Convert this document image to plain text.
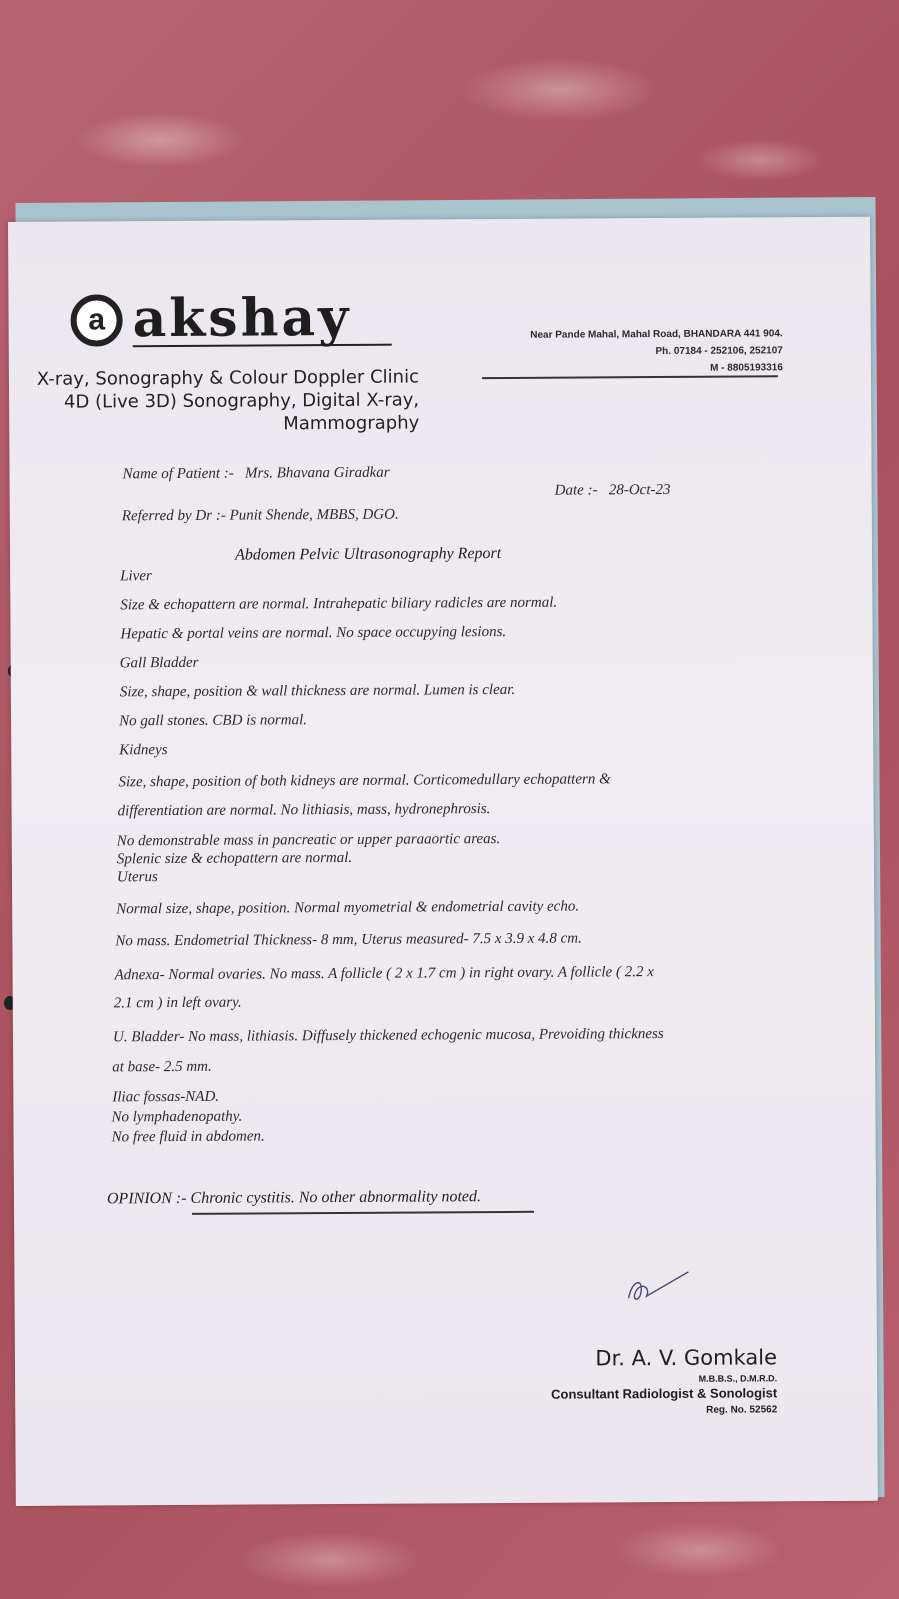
a akshay
X-ray, Sonography & Colour Doppler Clinic
4D (Live 3D) Sonography, Digital X-ray,
Mammography
Near Pande Mahal, Mahal Road, BHANDARA 441 904.
Ph. 07184 - 252106, 252107
M - 8805193316
Name of Patient :- Mrs. Bhavana Giradkar
Date :- 28-Oct-23
Referred by Dr :- Punit Shende, MBBS, DGO.
Abdomen Pelvic Ultrasonography Report
Liver
Size & echopattern are normal. Intrahepatic biliary radicles are normal.
Hepatic & portal veins are normal. No space occupying lesions.
Gall Bladder
Size, shape, position & wall thickness are normal. Lumen is clear.
No gall stones. CBD is normal.
Kidneys
Size, shape, position of both kidneys are normal. Corticomedullary echopattern &
differentiation are normal. No lithiasis, mass, hydronephrosis.
No demonstrable mass in pancreatic or upper paraaortic areas.
Splenic size & echopattern are normal.
Uterus
Normal size, shape, position. Normal myometrial & endometrial cavity echo.
No mass. Endometrial Thickness- 8 mm, Uterus measured- 7.5 x 3.9 x 4.8 cm.
Adnexa- Normal ovaries. No mass. A follicle ( 2 x 1.7 cm ) in right ovary. A follicle ( 2.2 x
2.1 cm ) in left ovary.
U. Bladder- No mass, lithiasis. Diffusely thickened echogenic mucosa, Prevoiding thickness
at base- 2.5 mm.
Iliac fossas-NAD.
No lymphadenopathy.
No free fluid in abdomen.
OPINION :- Chronic cystitis. No other abnormality noted.
Dr. A. V. Gomkale
M.B.B.S., D.M.R.D.
Consultant Radiologist & Sonologist
Reg. No. 52562
